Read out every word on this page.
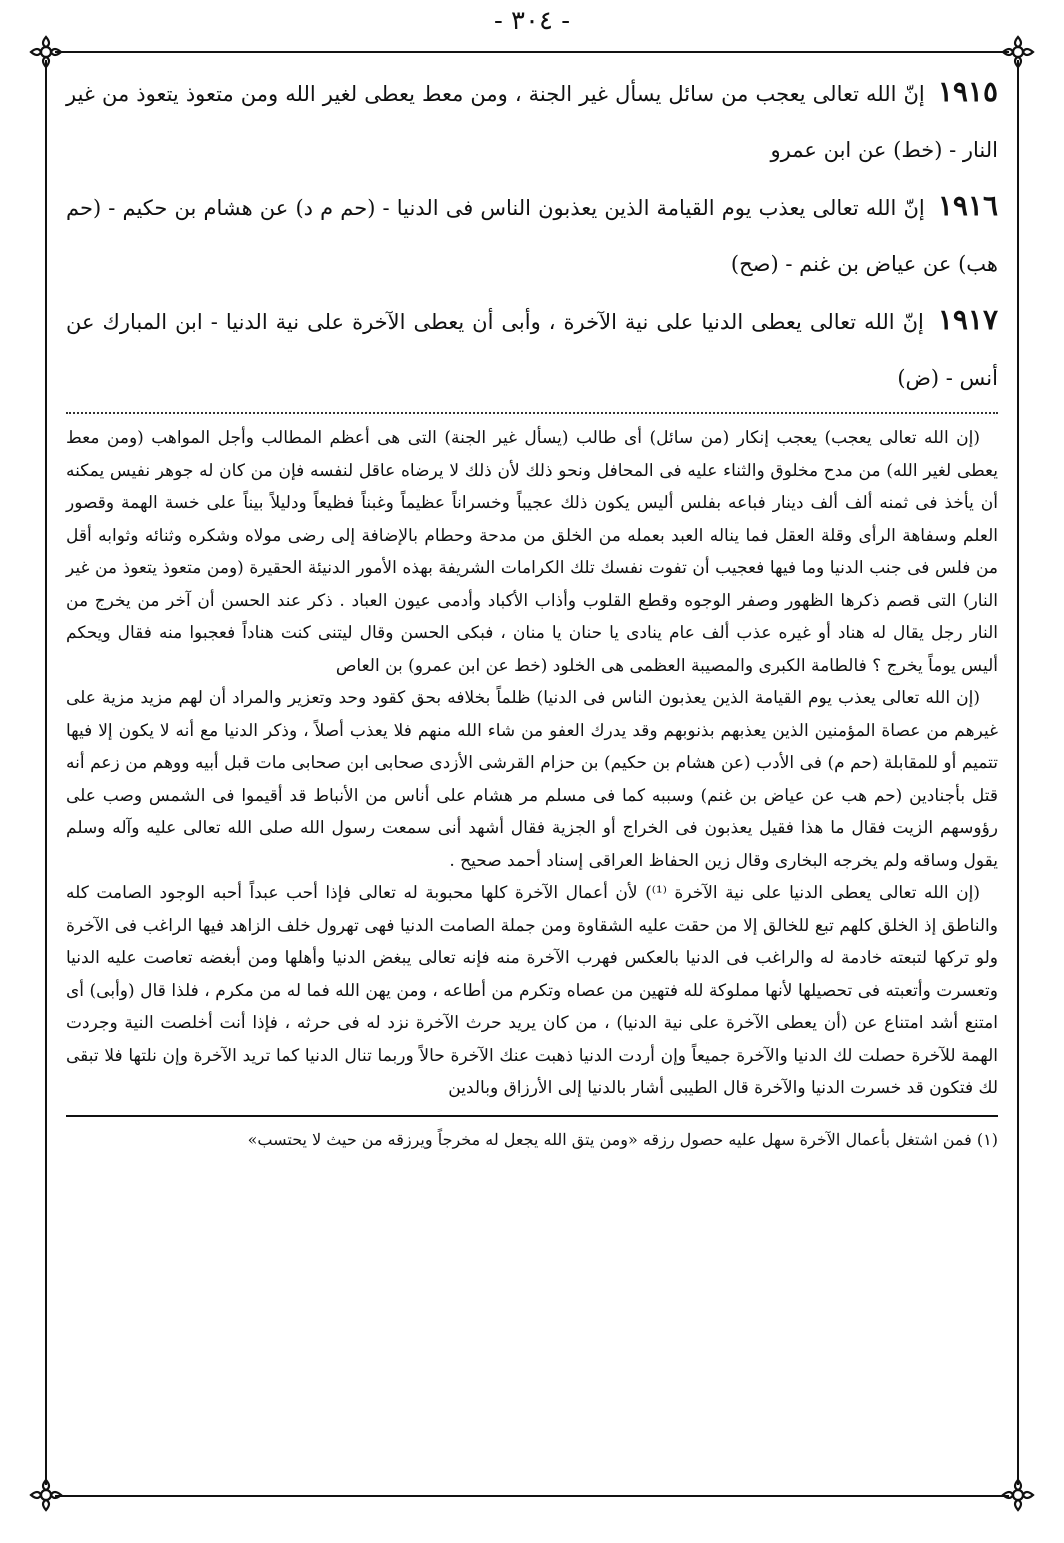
- ٣٠٤ -

١٩١٥ إنّ الله تعالى يعجب من سائل يسأل غير الجنة ، ومن معط يعطى لغير الله ومن متعوذ يتعوذ من غير النار - (خط) عن ابن عمرو

١٩١٦ إنّ الله تعالى يعذب يوم القيامة الذين يعذبون الناس فى الدنيا - (حم م د) عن هشام بن حكيم - (حم هب) عن عياض بن غنم - (صح)

١٩١٧ إنّ الله تعالى يعطى الدنيا على نية الآخرة ، وأبى أن يعطى الآخرة على نية الدنيا - ابن المبارك عن أنس - (ض)

(إن الله تعالى يعجب) يعجب إنكار (من سائل) أى طالب (يسأل غير الجنة) التى هى أعظم المطالب وأجل المواهب (ومن معط يعطى لغير الله) من مدح مخلوق والثناء عليه فى المحافل ونحو ذلك لأن ذلك لا يرضاه عاقل لنفسه فإن من كان له جوهر نفيس يمكنه أن يأخذ فى ثمنه ألف ألف دينار فباعه بفلس أليس يكون ذلك عجيباً وخسراناً عظيماً وغبناً فظيعاً ودليلاً بيناً على خسة الهمة وقصور العلم وسفاهة الرأى وقلة العقل فما يناله العبد بعمله من الخلق من مدحة وحطام بالإضافة إلى رضى مولاه وشكره وثنائه وثوابه أقل من فلس فى جنب الدنيا وما فيها فعجيب أن تفوت نفسك تلك الكرامات الشريفة بهذه الأمور الدنيئة الحقيرة (ومن متعوذ يتعوذ من غير النار) التى قصم ذكرها الظهور وصفر الوجوه وقطع القلوب وأذاب الأكباد وأدمى عيون العباد . ذكر عند الحسن أن آخر من يخرج من النار رجل يقال له هناد أو غيره عذب ألف عام ينادى يا حنان يا منان ، فبكى الحسن وقال ليتنى كنت هناداً فعجبوا منه فقال ويحكم أليس يوماً يخرج ؟ فالطامة الكبرى والمصيبة العظمى هى الخلود (خط عن ابن عمرو) بن العاص

(إن الله تعالى يعذب يوم القيامة الذين يعذبون الناس فى الدنيا) ظلماً بخلافه بحق كقود وحد وتعزير والمراد أن لهم مزيد مزية على غيرهم من عصاة المؤمنين الذين يعذبهم بذنوبهم وقد يدرك العفو من شاء الله منهم فلا يعذب أصلاً ، وذكر الدنيا مع أنه لا يكون إلا فيها تتميم أو للمقابلة (حم م) فى الأدب (عن هشام بن حكيم) بن حزام القرشى الأزدى صحابى ابن صحابى مات قبل أبيه ووهم من زعم أنه قتل بأجنادين (حم هب عن عياض بن غنم) وسببه كما فى مسلم مر هشام على أناس من الأنباط قد أقيموا فى الشمس وصب على رؤوسهم الزيت فقال ما هذا فقيل يعذبون فى الخراج أو الجزية فقال أشهد أنى سمعت رسول الله صلى الله تعالى عليه وآله وسلم يقول وساقه ولم يخرجه البخارى وقال زين الحفاظ العراقى إسناد أحمد صحيح .

(إن الله تعالى يعطى الدنيا على نية الآخرة ⁽¹⁾) لأن أعمال الآخرة كلها محبوبة له تعالى فإذا أحب عبداً أحبه الوجود الصامت كله والناطق إذ الخلق كلهم تبع للخالق إلا من حقت عليه الشقاوة ومن جملة الصامت الدنيا فهى تهرول خلف الزاهد فيها الراغب فى الآخرة ولو تركها لتبعته خادمة له والراغب فى الدنيا بالعكس فهرب الآخرة منه فإنه تعالى يبغض الدنيا وأهلها ومن أبغضه تعاصت عليه الدنيا وتعسرت وأتعبته فى تحصيلها لأنها مملوكة لله فتهين من عصاه وتكرم من أطاعه ، ومن يهن الله فما له من مكرم ، فلذا قال (وأبى) أى امتنع أشد امتناع عن (أن يعطى الآخرة على نية الدنيا) ، من كان يريد حرث الآخرة نزد له فى حرثه ، فإذا أنت أخلصت النية وجردت الهمة للآخرة حصلت لك الدنيا والآخرة جميعاً وإن أردت الدنيا ذهبت عنك الآخرة حالاً وربما تنال الدنيا كما تريد الآخرة وإن نلتها فلا تبقى لك فتكون قد خسرت الدنيا والآخرة قال الطيبى أشار بالدنيا إلى الأرزاق وبالدين

(١) فمن اشتغل بأعمال الآخرة سهل عليه حصول رزقه «ومن يتق الله يجعل له مخرجاً ويرزقه من حيث لا يحتسب»
